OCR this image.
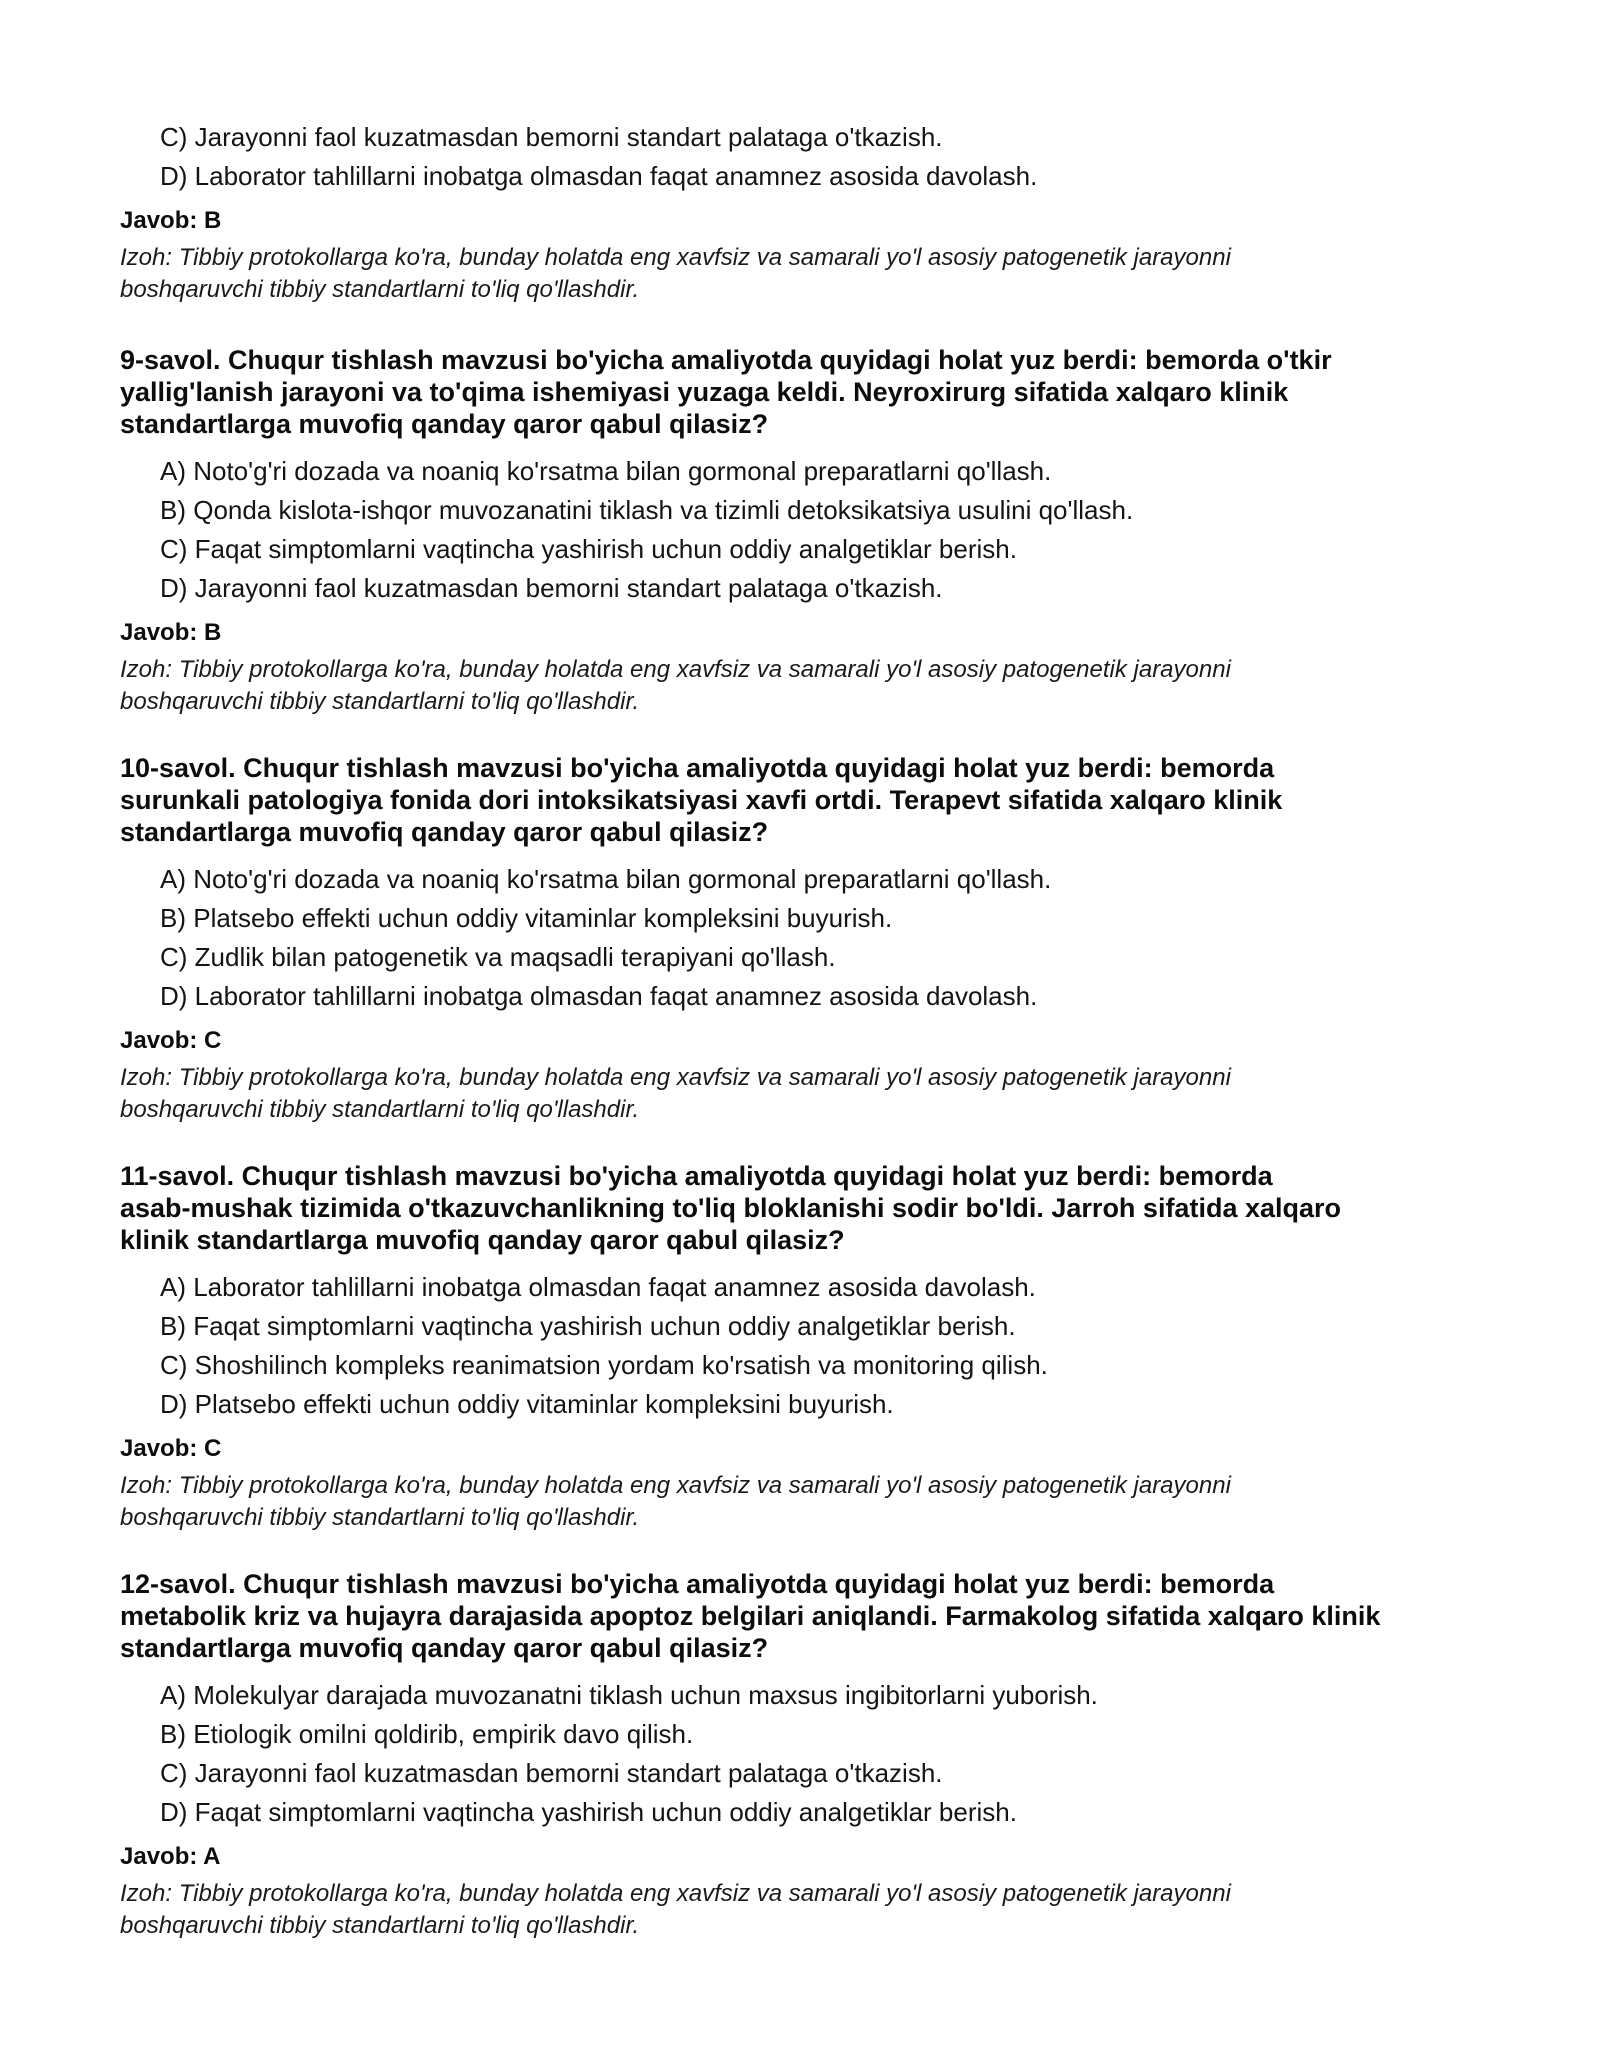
C) Jarayonni faol kuzatmasdan bemorni standart palataga o'tkazish.
D) Laborator tahlillarni inobatga olmasdan faqat anamnez asosida davolash.
Javob: B
Izoh: Tibbiy protokollarga ko'ra, bunday holatda eng xavfsiz va samarali yo'l asosiy patogenetik jarayonni
boshqaruvchi tibbiy standartlarni to'liq qo'llashdir.
9-savol. Chuqur tishlash mavzusi bo'yicha amaliyotda quyidagi holat yuz berdi: bemorda o'tkir
yallig'lanish jarayoni va to'qima ishemiyasi yuzaga keldi. Neyroxirurg sifatida xalqaro klinik
standartlarga muvofiq qanday qaror qabul qilasiz?
A) Noto'g'ri dozada va noaniq ko'rsatma bilan gormonal preparatlarni qo'llash.
B) Qonda kislota-ishqor muvozanatini tiklash va tizimli detoksikatsiya usulini qo'llash.
C) Faqat simptomlarni vaqtincha yashirish uchun oddiy analgetiklar berish.
D) Jarayonni faol kuzatmasdan bemorni standart palataga o'tkazish.
Javob: B
Izoh: Tibbiy protokollarga ko'ra, bunday holatda eng xavfsiz va samarali yo'l asosiy patogenetik jarayonni
boshqaruvchi tibbiy standartlarni to'liq qo'llashdir.
10-savol. Chuqur tishlash mavzusi bo'yicha amaliyotda quyidagi holat yuz berdi: bemorda
surunkali patologiya fonida dori intoksikatsiyasi xavfi ortdi. Terapevt sifatida xalqaro klinik
standartlarga muvofiq qanday qaror qabul qilasiz?
A) Noto'g'ri dozada va noaniq ko'rsatma bilan gormonal preparatlarni qo'llash.
B) Platsebo effekti uchun oddiy vitaminlar kompleksini buyurish.
C) Zudlik bilan patogenetik va maqsadli terapiyani qo'llash.
D) Laborator tahlillarni inobatga olmasdan faqat anamnez asosida davolash.
Javob: C
Izoh: Tibbiy protokollarga ko'ra, bunday holatda eng xavfsiz va samarali yo'l asosiy patogenetik jarayonni
boshqaruvchi tibbiy standartlarni to'liq qo'llashdir.
11-savol. Chuqur tishlash mavzusi bo'yicha amaliyotda quyidagi holat yuz berdi: bemorda
asab-mushak tizimida o'tkazuvchanlikning to'liq bloklanishi sodir bo'ldi. Jarroh sifatida xalqaro
klinik standartlarga muvofiq qanday qaror qabul qilasiz?
A) Laborator tahlillarni inobatga olmasdan faqat anamnez asosida davolash.
B) Faqat simptomlarni vaqtincha yashirish uchun oddiy analgetiklar berish.
C) Shoshilinch kompleks reanimatsion yordam ko'rsatish va monitoring qilish.
D) Platsebo effekti uchun oddiy vitaminlar kompleksini buyurish.
Javob: C
Izoh: Tibbiy protokollarga ko'ra, bunday holatda eng xavfsiz va samarali yo'l asosiy patogenetik jarayonni
boshqaruvchi tibbiy standartlarni to'liq qo'llashdir.
12-savol. Chuqur tishlash mavzusi bo'yicha amaliyotda quyidagi holat yuz berdi: bemorda
metabolik kriz va hujayra darajasida apoptoz belgilari aniqlandi. Farmakolog sifatida xalqaro klinik
standartlarga muvofiq qanday qaror qabul qilasiz?
A) Molekulyar darajada muvozanatni tiklash uchun maxsus ingibitorlarni yuborish.
B) Etiologik omilni qoldirib, empirik davo qilish.
C) Jarayonni faol kuzatmasdan bemorni standart palataga o'tkazish.
D) Faqat simptomlarni vaqtincha yashirish uchun oddiy analgetiklar berish.
Javob: A
Izoh: Tibbiy protokollarga ko'ra, bunday holatda eng xavfsiz va samarali yo'l asosiy patogenetik jarayonni
boshqaruvchi tibbiy standartlarni to'liq qo'llashdir.
